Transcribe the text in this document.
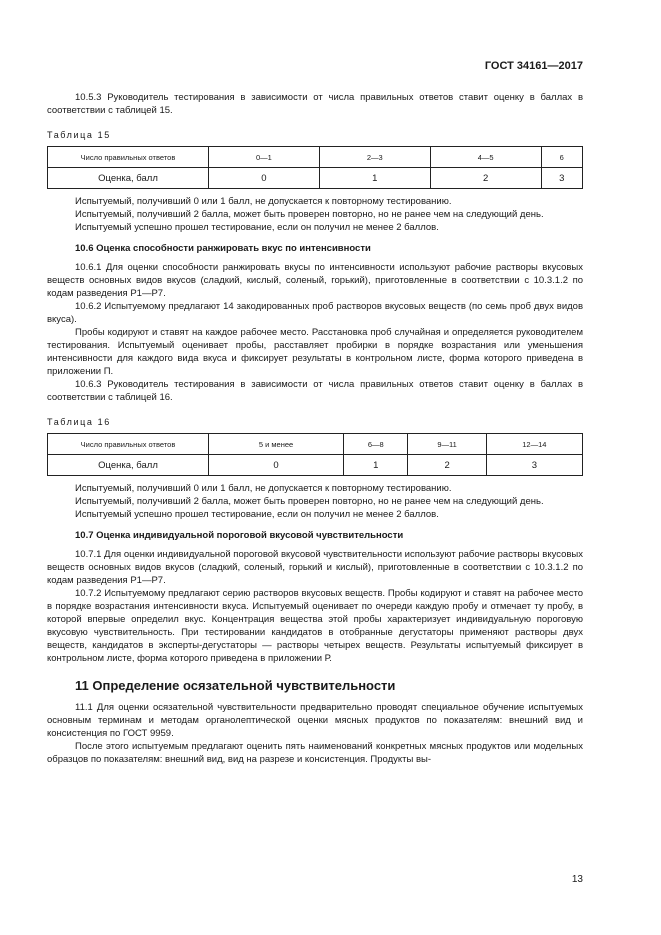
ГОСТ 34161—2017

10.5.3 Руководитель тестирования в зависимости от числа правильных ответов ставит оценку в баллах в соответствии с таблицей 15.

Таблица 15
Число правильных ответов	0—1	2—3	4—5	6
Оценка, балл	0	1	2	3

Испытуемый, получивший 0 или 1 балл, не допускается к повторному тестированию.

Испытуемый, получивший 2 балла, может быть проверен повторно, но не ранее чем на следующий день.

Испытуемый успешно прошел тестирование, если он получил не менее 2 баллов.

10.6 Оценка способности ранжировать вкус по интенсивности

10.6.1 Для оценки способности ранжировать вкусы по интенсивности используют рабочие растворы вкусовых веществ основных видов вкусов (сладкий, кислый, соленый, горький), приготовленные в соответствии с 10.3.1.2 по кодам разведения Р1—Р7.

10.6.2 Испытуемому предлагают 14 закодированных проб растворов вкусовых веществ (по семь проб двух видов вкуса).

Пробы кодируют и ставят на каждое рабочее место. Расстановка проб случайная и определяется руководителем тестирования. Испытуемый оценивает пробы, расставляет пробирки в порядке возрастания или уменьшения интенсивности для каждого вида вкуса и фиксирует результаты в контрольном листе, форма которого приведена в приложении П.

10.6.3 Руководитель тестирования в зависимости от числа правильных ответов ставит оценку в баллах в соответствии с таблицей 16.

Таблица 16
Число правильных ответов	5 и менее	6—8	9—11	12—14
Оценка, балл	0	1	2	3

Испытуемый, получивший 0 или 1 балл, не допускается к повторному тестированию.

Испытуемый, получивший 2 балла, может быть проверен повторно, но не ранее чем на следующий день.

Испытуемый успешно прошел тестирование, если он получил не менее 2 баллов.

10.7 Оценка индивидуальной пороговой вкусовой чувствительности

10.7.1 Для оценки индивидуальной пороговой вкусовой чувствительности используют рабочие растворы вкусовых веществ основных видов вкусов (сладкий, соленый, горький и кислый), приготовленные в соответствии с 10.3.1.2 по кодам разведения Р1—Р7.

10.7.2 Испытуемому предлагают серию растворов вкусовых веществ. Пробы кодируют и ставят на рабочее место в порядке возрастания интенсивности вкуса. Испытуемый оценивает по очереди каждую пробу и отмечает ту пробу, в которой впервые определил вкус. Концентрация вещества этой пробы характеризует индивидуальную пороговую вкусовую чувствительность. При тестировании кандидатов в отобранные дегустаторы применяют растворы двух веществ, кандидатов в эксперты-дегустаторы — растворы четырех веществ. Результаты испытуемый фиксирует в контрольном листе, форма которого приведена в приложении Р.

11 Определение осязательной чувствительности

11.1 Для оценки осязательной чувствительности предварительно проводят специальное обучение испытуемых основным терминам и методам органолептической оценки мясных продуктов по показателям: внешний вид и консистенция по ГОСТ 9959.

После этого испытуемым предлагают оценить пять наименований конкретных мясных продуктов или модельных образцов по показателям: внешний вид, вид на разрезе и консистенция. Продукты вы-

13
